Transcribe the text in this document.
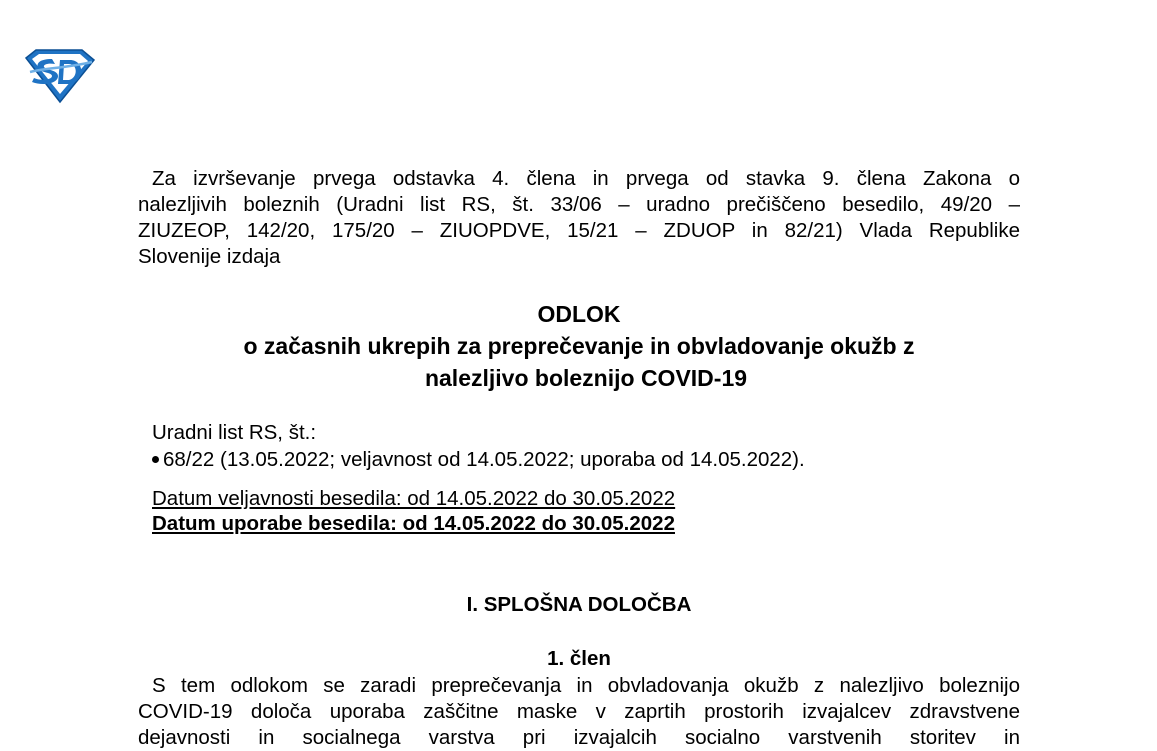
Za izvrševanje prvega odstavka 4. člena in prvega od stavka 9. člena Zakona o
nalezljivih boleznih (Uradni list RS, št. 33/06 – uradno prečiščeno besedilo, 49/20 –
ZIUZEOP, 142/20, 175/20 – ZIUOPDVE, 15/21 – ZDUOP in 82/21) Vlada Republike
Slovenije izdaja
ODLOK
o začasnih ukrepih za preprečevanje in obvladovanje okužb z
nalezljivo boleznijo COVID-19
Uradni list RS, št.:
68/22 (13.05.2022; veljavnost od 14.05.2022; uporaba od 14.05.2022).
Datum veljavnosti besedila: od 14.05.2022 do 30.05.2022
Datum uporabe besedila: od 14.05.2022 do 30.05.2022
I. SPLOŠNA DOLOČBA
1. člen
S tem odlokom se zaradi preprečevanja in obvladovanja okužb z nalezljivo boleznijo
COVID-19 določa uporaba zaščitne maske v zaprtih prostorih izvajalcev zdravstvene
dejavnosti in socialnega varstva pri izvajalcih socialno varstvenih storitev in
